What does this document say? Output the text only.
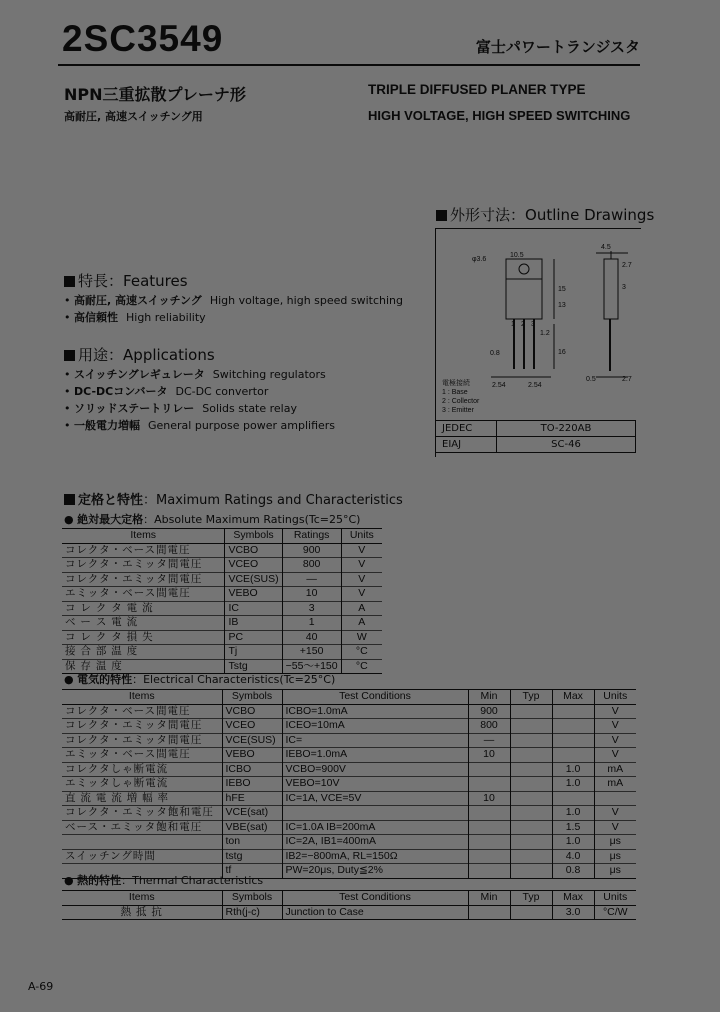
2SC3549	富士パワートランジスタ
NPN三重拡散プレーナ形	TRIPLE DIFFUSED PLANER TYPE
高耐圧, 高速スイッチング用	HIGH VOLTAGE, HIGH SPEED SWITCHING
外形寸法：Outline Drawings
φ3.6
10.5
4.5
2.7
15
13
1.2
0.8
2.54	2.54
0.5	2.7
16
3
1 2 3
電極接続
1 : Base
2 : Collector
3 : Emitter
JEDEC	TO-220AB
EIAJ	SC-46
特長：Features
• 高耐圧, 高速スイッチング High voltage, high speed switching
• 高信頼性 High reliability
用途：Applications
• スイッチングレギュレータ Switching regulators
• DC-DCコンバータ DC-DC convertor
• ソリッドステートリレー Solids state relay
• 一般電力増幅 General purpose power amplifiers
定格と特性：Maximum Ratings and Characteristics
● 絶対最大定格：Absolute Maximum Ratings(Tc=25°C)
Items	Symbols	Ratings	Units
コレクタ・ベース間電圧	VCBO	900	V
コレクタ・エミッタ間電圧	VCEO	800	V
コレクタ・エミッタ間電圧	VCE(SUS)	—	V
エミッタ・ベース間電圧	VEBO	10	V
コ レ ク タ 電 流	IC	3	A
ベ ー ス 電 流	IB	1	A
コ レ ク タ 損 失	PC	40	W
接 合 部 温 度	Tj	+150	°C
保 存 温 度	Tstg	−55～+150	°C
● 電気的特性：Electrical Characteristics(Tc=25°C)
Items	Symbols	Test Conditions	Min	Typ	Max	Units
コレクタ・ベース間電圧	VCBO	ICBO=1.0mA	900			V
コレクタ・エミッタ間電圧	VCEO	ICEO=10mA	800			V
コレクタ・エミッタ間電圧	VCE(SUS)	IC=	—			V
エミッタ・ベース間電圧	VEBO	IEBO=1.0mA	10			V
コレクタしゃ断電流	ICBO	VCBO=900V			1.0	mA
エミッタしゃ断電流	IEBO	VEBO=10V			1.0	mA
直 流 電 流 増 幅 率	hFE	IC=1A, VCE=5V	10			
コレクタ・エミッタ飽和電圧	VCE(sat)				1.0	V
ベース・エミッタ飽和電圧	VBE(sat)	IC=1.0A IB=200mA			1.5	V
	ton	IC=2A, IB1=400mA			1.0	μs
スイッチング時間	tstg	IB2=−800mA, RL=150Ω			4.0	μs
	tf	PW=20μs, Duty≦2%			0.8	μs
● 熱的特性：Thermal Characteristics
Items	Symbols	Test Conditions	Min	Typ	Max	Units
熱 抵 抗	Rth(j-c)	Junction to Case			3.0	°C/W
A-69
